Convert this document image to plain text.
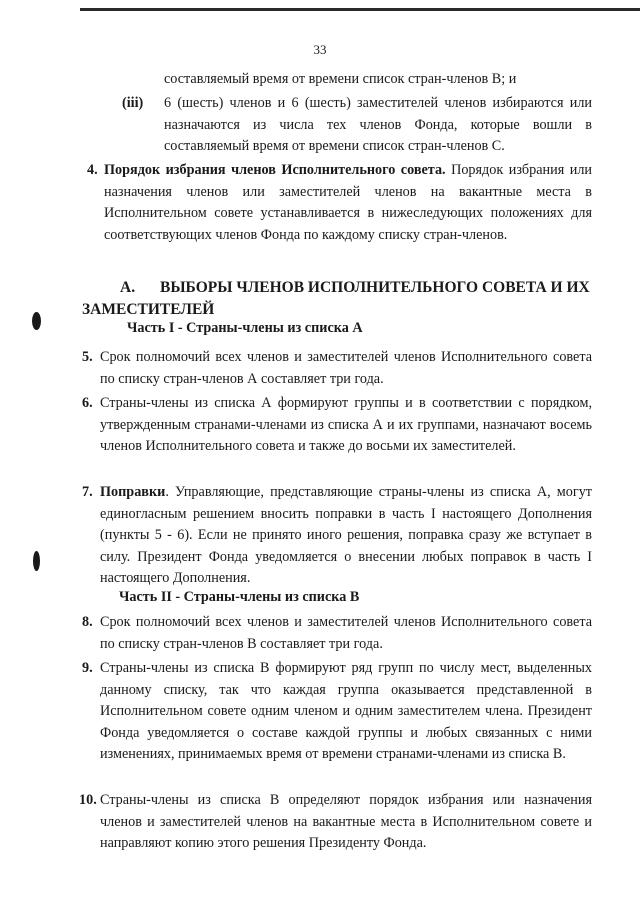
33

составляемый время от времени список стран-членов В; и

(iii) 6 (шесть) членов и 6 (шесть) заместителей членов избираются или назначаются из числа тех членов Фонда, которые вошли в составляемый время от времени список стран-членов С.

4. Порядок избрания членов Исполнительного совета. Порядок избрания или назначения членов или заместителей членов на вакантные места в Исполнительном совете устанавливается в нижеследующих положениях для соответствующих членов Фонда по каждому списку стран-членов.

А.	ВЫБОРЫ ЧЛЕНОВ ИСПОЛНИТЕЛЬНОГО СОВЕТА И ИХ ЗАМЕСТИТЕЛЕЙ
Часть I - Страны-члены из списка А
5. Срок полномочий всех членов и заместителей членов Исполнительного совета по списку стран-членов А составляет три года.

6. Страны-члены из списка А формируют группы и в соответствии с порядком, утвержденным странами-членами из списка А и их группами, назначают восемь членов Исполнительного совета и также до восьми их заместителей.

7. Поправки. Управляющие, представляющие страны-члены из списка А, могут единогласным решением вносить поправки в часть I настоящего Дополнения (пункты 5 - 6). Если не принято иного решения, поправка сразу же вступает в силу. Президент Фонда уведомляется о внесении любых поправок в часть I настоящего Дополнения.

Часть II - Страны-члены из списка В
8. Срок полномочий всех членов и заместителей членов Исполнительного совета по списку стран-членов В составляет три года.

9. Страны-члены из списка В формируют ряд групп по числу мест, выделенных данному списку, так что каждая группа оказывается представленной в Исполнительном совете одним членом и одним заместителем члена. Президент Фонда уведомляется о составе каждой группы и любых связанных с ними изменениях, принимаемых время от времени странами-членами из списка В.

10. Страны-члены из списка В определяют порядок избрания или назначения членов и заместителей членов на вакантные места в Исполнительном совете и направляют копию этого решения Президенту Фонда.
